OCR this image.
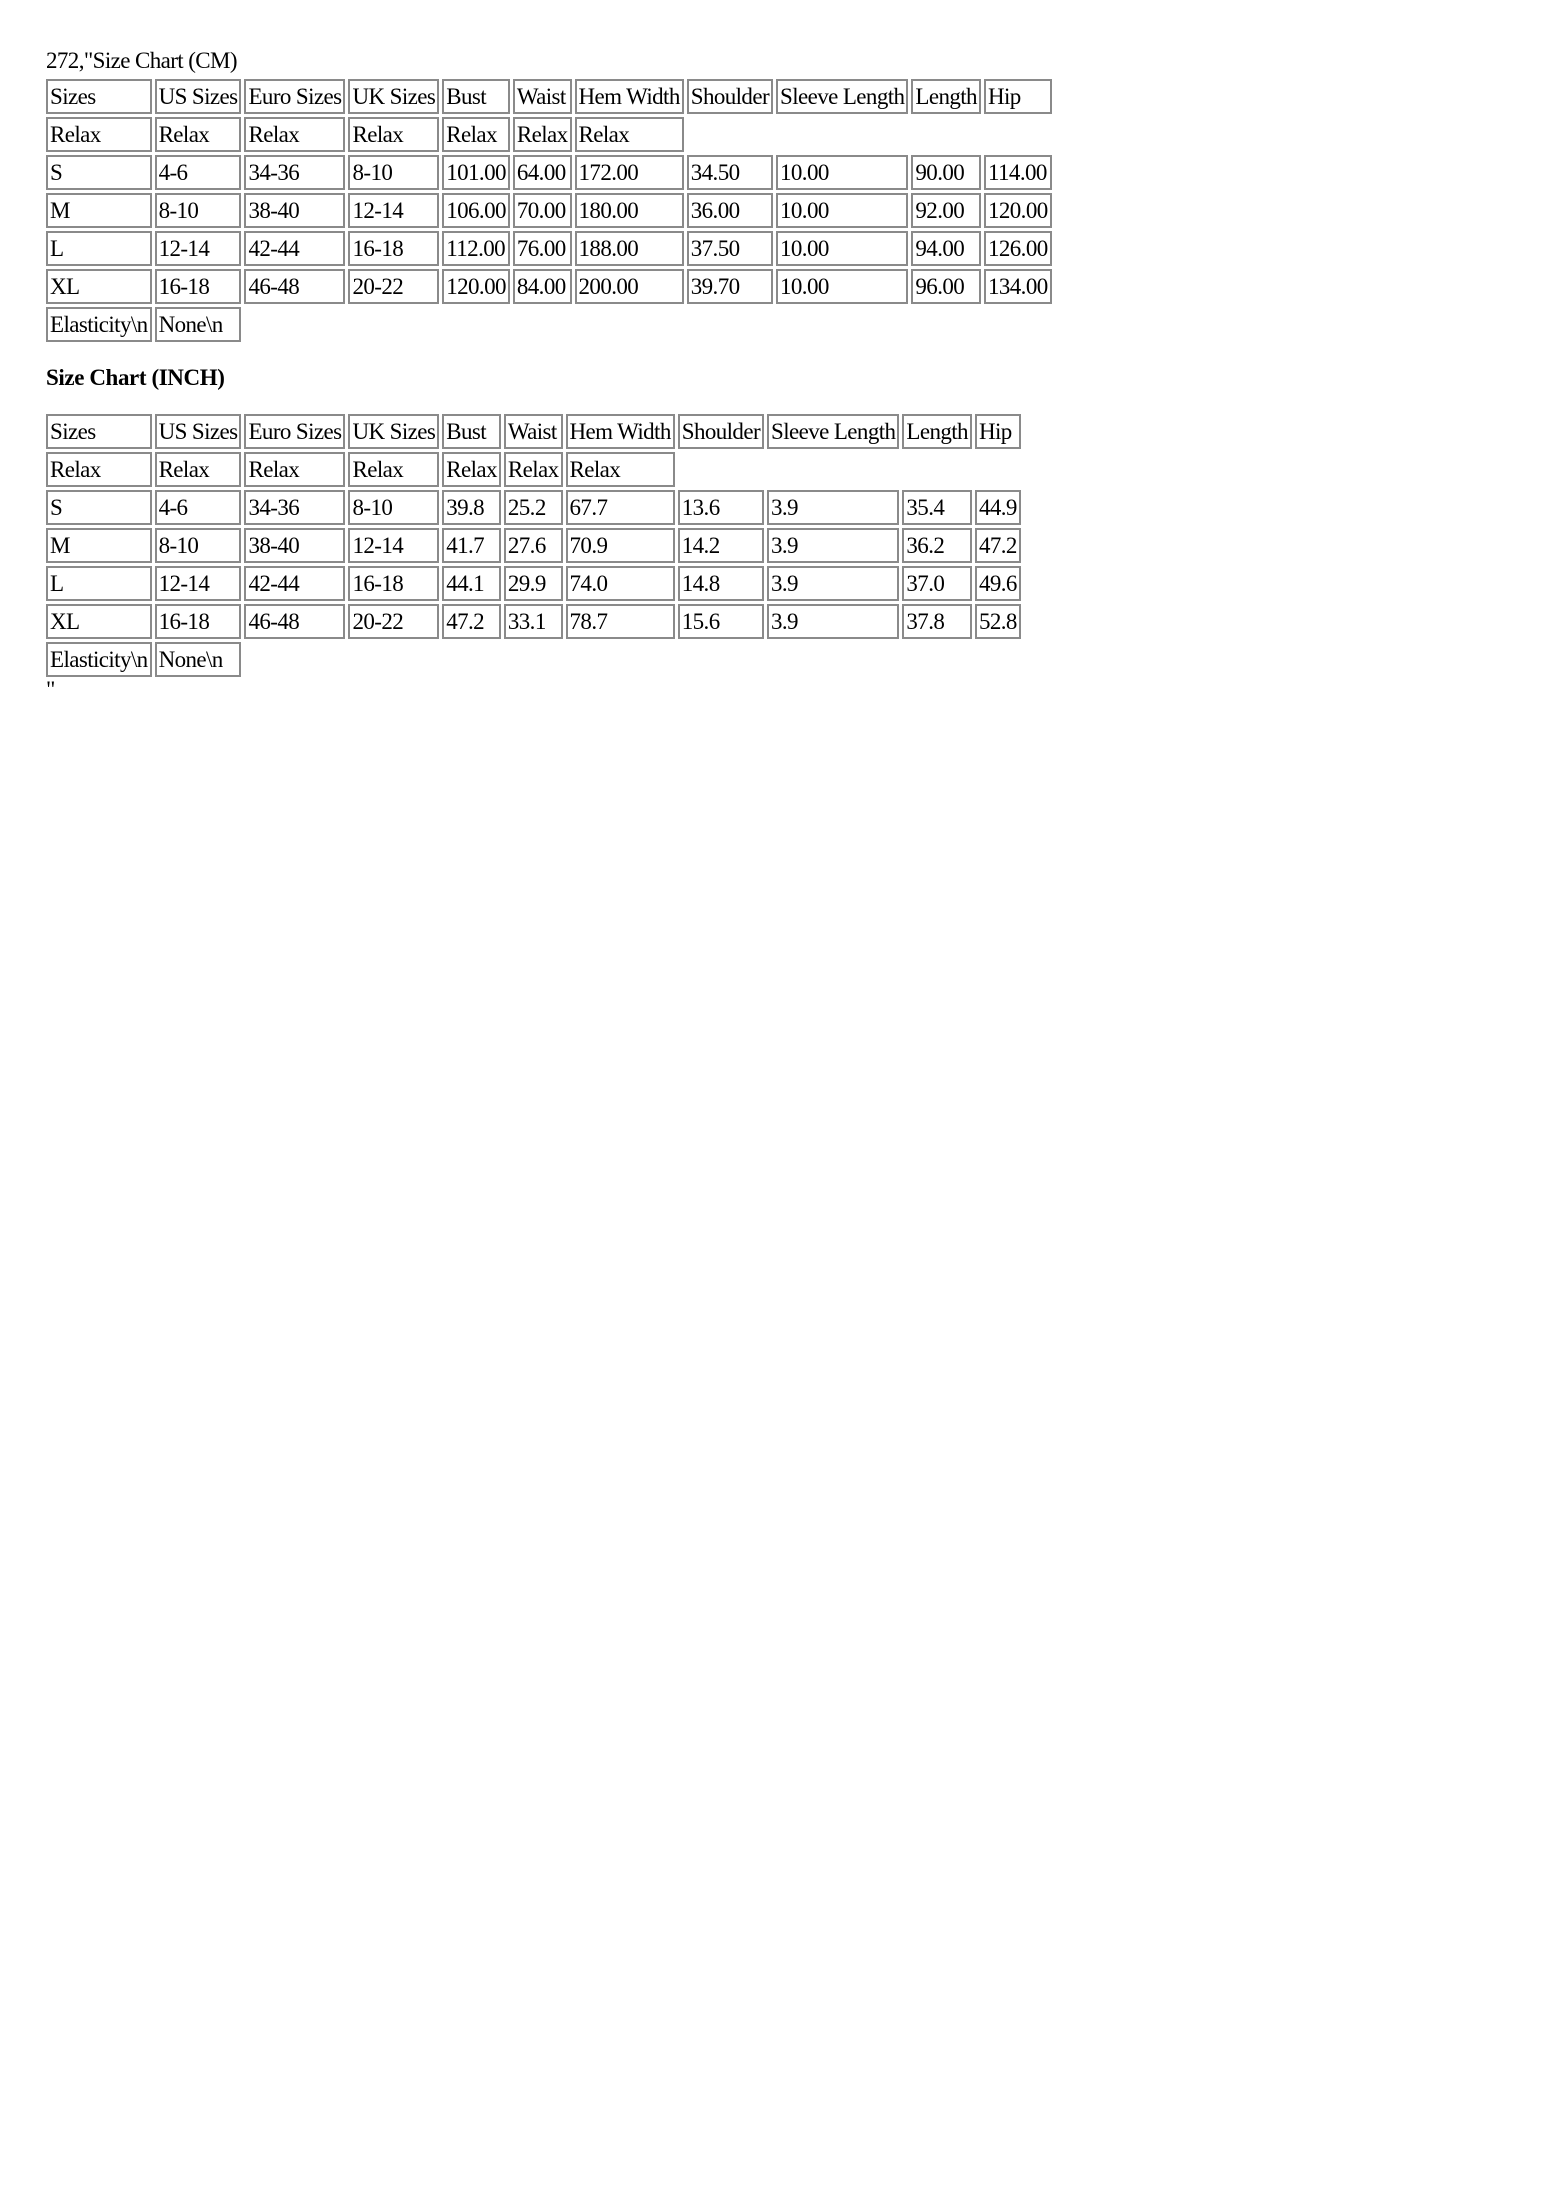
272,"Size Chart (CM)
Sizes	US Sizes	Euro Sizes	UK Sizes	Bust	Waist	Hem Width	Shoulder	Sleeve Length	Length	Hip
Relax	Relax	Relax	Relax	Relax	Relax	Relax				
S	4-6	34-36	8-10	101.00	64.00	172.00	34.50	10.00	90.00	114.00
M	8-10	38-40	12-14	106.00	70.00	180.00	36.00	10.00	92.00	120.00
L	12-14	42-44	16-18	112.00	76.00	188.00	37.50	10.00	94.00	126.00
XL	16-18	46-48	20-22	120.00	84.00	200.00	39.70	10.00	96.00	134.00
Elasticity\n	None\n									
Size Chart (INCH)
Sizes	US Sizes	Euro Sizes	UK Sizes	Bust	Waist	Hem Width	Shoulder	Sleeve Length	Length	Hip
Relax	Relax	Relax	Relax	Relax	Relax	Relax				
S	4-6	34-36	8-10	39.8	25.2	67.7	13.6	3.9	35.4	44.9
M	8-10	38-40	12-14	41.7	27.6	70.9	14.2	3.9	36.2	47.2
L	12-14	42-44	16-18	44.1	29.9	74.0	14.8	3.9	37.0	49.6
XL	16-18	46-48	20-22	47.2	33.1	78.7	15.6	3.9	37.8	52.8
Elasticity\n	None\n									
"
